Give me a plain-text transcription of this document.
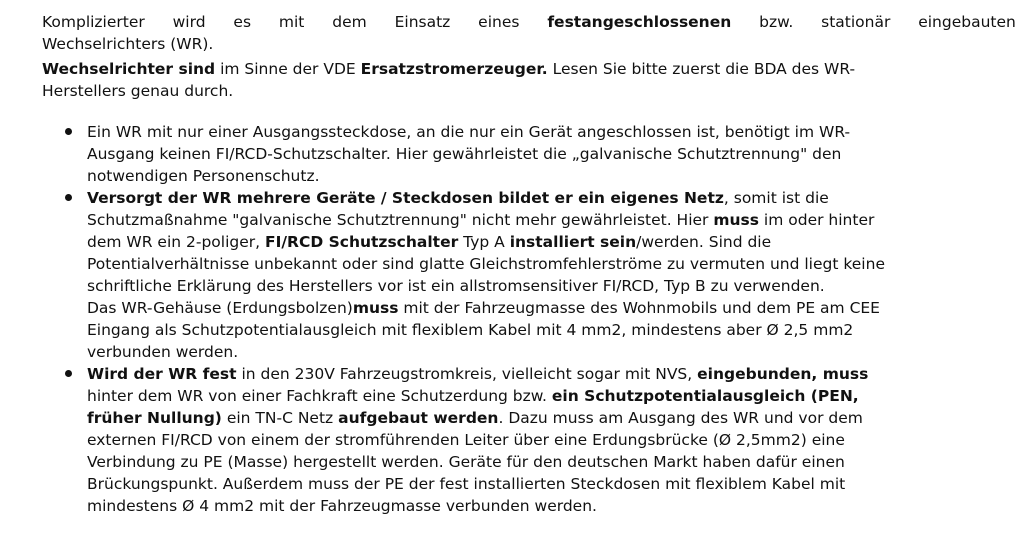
Komplizierter wird es mit dem Einsatz eines festangeschlossenen bzw. stationär eingebauten
Wechselrichters (WR).
Wechselrichter sind im Sinne der VDE Ersatzstromerzeuger. Lesen Sie bitte zuerst die BDA des WR-
Herstellers genau durch.
Ein WR mit nur einer Ausgangssteckdose, an die nur ein Gerät angeschlossen ist, benötigt im WR-
Ausgang keinen FI/RCD-Schutzschalter. Hier gewährleistet die „galvanische Schutztrennung" den
notwendigen Personenschutz.
Versorgt der WR mehrere Geräte / Steckdosen bildet er ein eigenes Netz, somit ist die
Schutzmaßnahme "galvanische Schutztrennung" nicht mehr gewährleistet. Hier muss im oder hinter
dem WR ein 2-poliger, FI/RCD Schutzschalter Typ A installiert sein/werden. Sind die
Potentialverhältnisse unbekannt oder sind glatte Gleichstromfehlerströme zu vermuten und liegt keine
schriftliche Erklärung des Herstellers vor ist ein allstromsensitiver FI/RCD, Typ B zu verwenden.
Das WR-Gehäuse (Erdungsbolzen)muss mit der Fahrzeugmasse des Wohnmobils und dem PE am CEE
Eingang als Schutzpotentialausgleich mit flexiblem Kabel mit 4 mm2, mindestens aber Ø 2,5 mm2
verbunden werden.
Wird der WR fest in den 230V Fahrzeugstromkreis, vielleicht sogar mit NVS, eingebunden, muss
hinter dem WR von einer Fachkraft eine Schutzerdung bzw. ein Schutzpotentialausgleich (PEN,
früher Nullung) ein TN-C Netz aufgebaut werden. Dazu muss am Ausgang des WR und vor dem
externen FI/RCD von einem der stromführenden Leiter über eine Erdungsbrücke (Ø 2,5mm2) eine
Verbindung zu PE (Masse) hergestellt werden. Geräte für den deutschen Markt haben dafür einen
Brückungspunkt. Außerdem muss der PE der fest installierten Steckdosen mit flexiblem Kabel mit
mindestens Ø 4 mm2 mit der Fahrzeugmasse verbunden werden.
